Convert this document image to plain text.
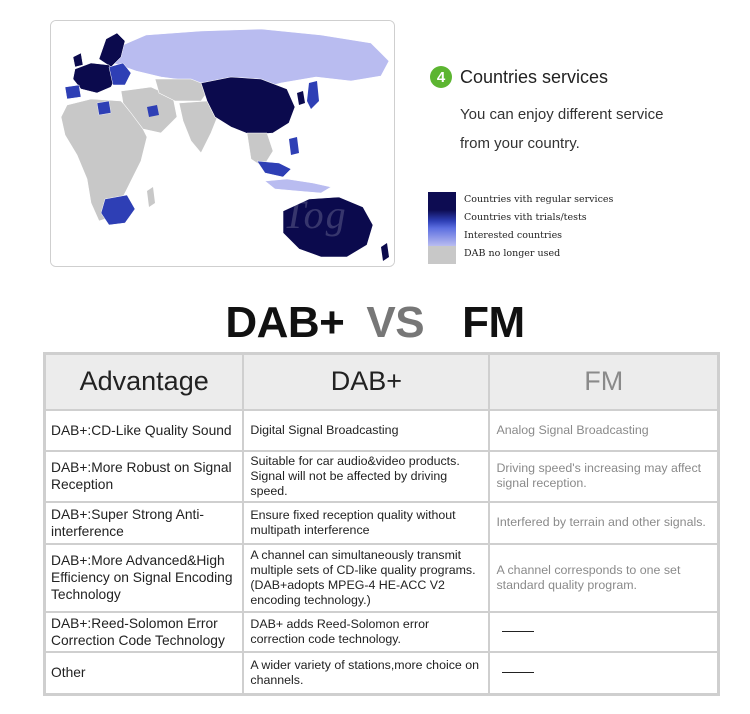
Tog
4 Countries services
You can enjoy different service
from your country.
Countries vith regular services
Countries vith trials/tests
Interested countries
DAB no longer used
DAB+ VS FM
Advantage	DAB+	FM
DAB+:CD-Like Quality Sound	Digital Signal Broadcasting	Analog Signal Broadcasting
DAB+:More Robust on Signal Reception	Suitable for car audio&video products. Signal will not be affected by driving speed.	Driving speed's increasing may affect signal reception.
DAB+:Super Strong Anti-interference	Ensure fixed reception quality without multipath interference	Interfered by terrain and other signals.
DAB+:More Advanced&High Efficiency on Signal Encoding Technology	A channel can simultaneously transmit multiple sets of CD-like quality programs.(DAB+adopts MPEG-4 HE-ACC V2 encoding technology.)	A channel corresponds to one set standard quality program.
DAB+:Reed-Solomon Error Correction Code Technology	DAB+ adds Reed-Solomon error correction code technology.	
Other	A wider variety of stations,more choice on channels.	
